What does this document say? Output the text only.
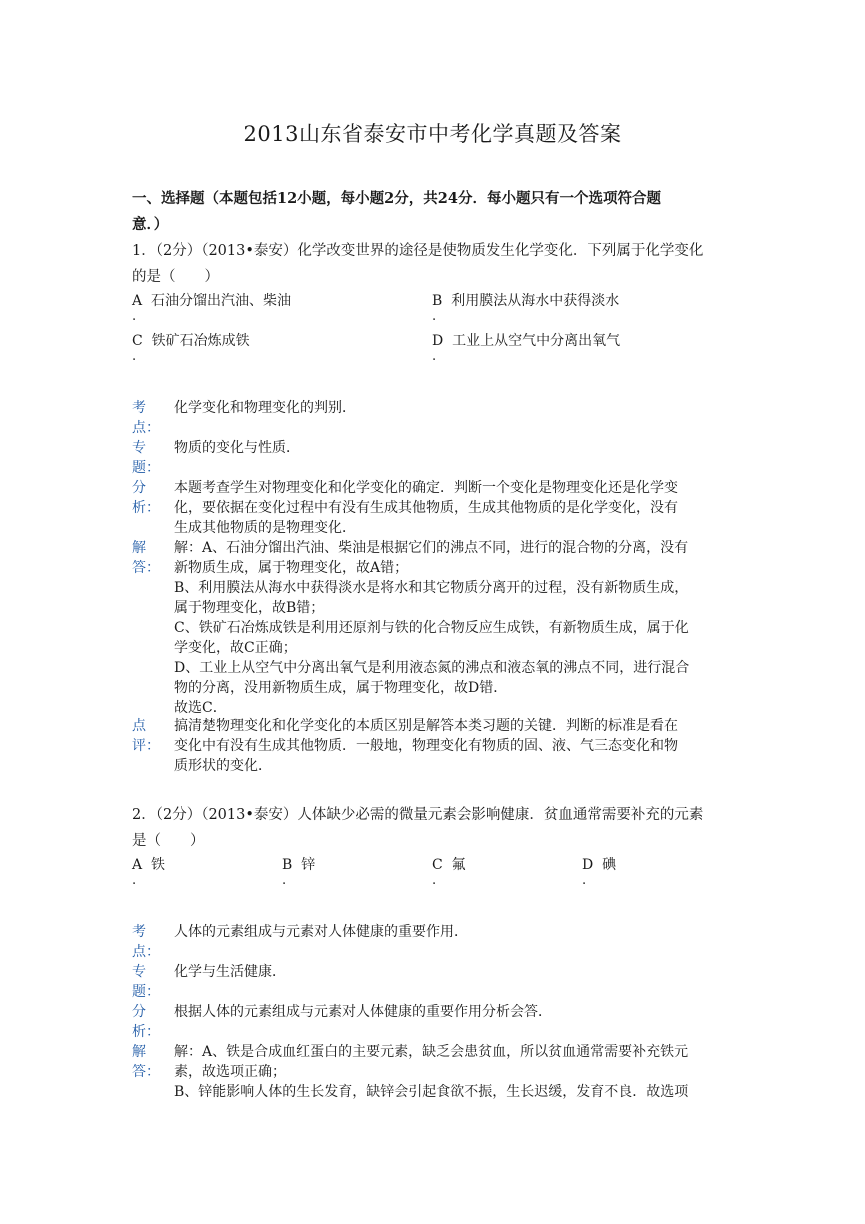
2013山东省泰安市中考化学真题及答案
一、选择题（本题包括12小题，每小题2分，共24分．每小题只有一个选项符合题
意．）
1．（2分）（2013•泰安）化学改变世界的途径是使物质发生化学变化．下列属于化学变化
的是（　　）
A 石油分馏出汽油、柴油
.
B 利用膜法从海水中获得淡水
.
C 铁矿石冶炼成铁
.
D 工业上从空气中分离出氧气
.
考
点：
化学变化和物理变化的判别．
专
题：
物质的变化与性质．
分
析：

本题考查学生对物理变化和化学变化的确定．判断一个变化是物理变化还是化学变

化，要依据在变化过程中有没有生成其他物质，生成其他物质的是化学变化，没有

生成其他物质的是物理变化．

解
答：

解：A、石油分馏出汽油、柴油是根据它们的沸点不同，进行的混合物的分离，没有

新物质生成，属于物理变化，故A错；

B、利用膜法从海水中获得淡水是将水和其它物质分离开的过程，没有新物质生成，

属于物理变化，故B错；

C、铁矿石冶炼成铁是利用还原剂与铁的化合物反应生成铁，有新物质生成，属于化

学变化，故C正确；

D、工业上从空气中分离出氧气是利用液态氮的沸点和液态氧的沸点不同，进行混合

物的分离，没用新物质生成，属于物理变化，故D错．

故选C．

点
评：

搞清楚物理变化和化学变化的本质区别是解答本类习题的关键．判断的标准是看在

变化中有没有生成其他物质．一般地，物理变化有物质的固、液、气三态变化和物

质形状的变化．

2．（2分）（2013•泰安）人体缺少必需的微量元素会影响健康．贫血通常需要补充的元素
是（　　）
A 铁
.
B 锌
.
C 氟
.
D 碘
.
考
点：
人体的元素组成与元素对人体健康的重要作用．
专
题：
化学与生活健康．
分
析：
根据人体的元素组成与元素对人体健康的重要作用分析会答．
解
答：

解：A、铁是合成血红蛋白的主要元素，缺乏会患贫血，所以贫血通常需要补充铁元

素，故选项正确；

B、锌能影响人体的生长发育，缺锌会引起食欲不振，生长迟缓，发育不良．故选项
